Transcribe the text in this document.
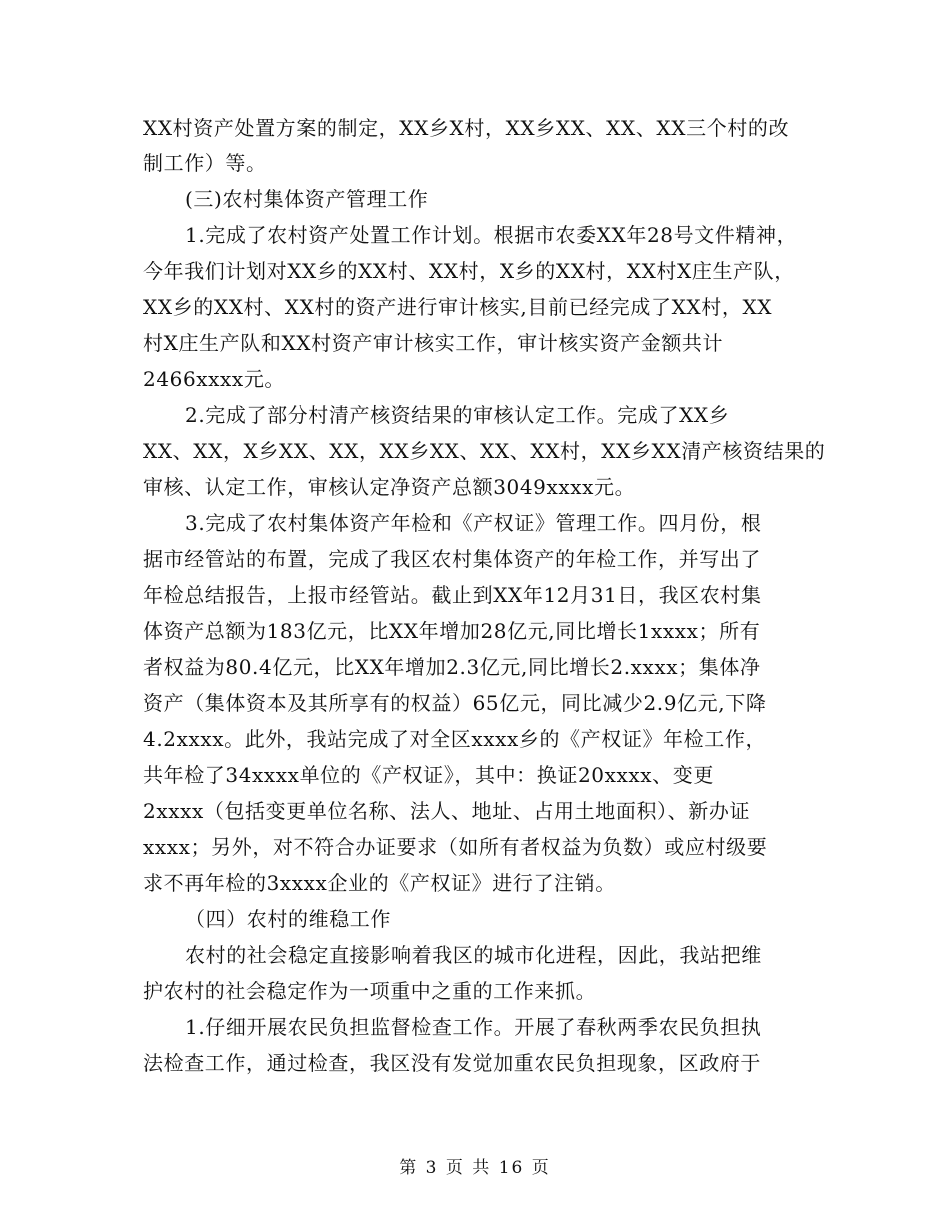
XX村资产处置方案的制定，XX乡X村，XX乡XX、XX、XX三个村的改
制工作）等。
(三)农村集体资产管理工作
1.完成了农村资产处置工作计划。根据市农委XX年28号文件精神，
今年我们计划对XX乡的XX村、XX村，X乡的XX村，XX村X庄生产队，
XX乡的XX村、XX村的资产进行审计核实,目前已经完成了XX村，XX
村X庄生产队和XX村资产审计核实工作，审计核实资产金额共计
2466xxxx元。
2.完成了部分村清产核资结果的审核认定工作。完成了XX乡
XX、XX，X乡XX、XX，XX乡XX、XX、XX村，XX乡XX清产核资结果的
审核、认定工作，审核认定净资产总额3049xxxx元。
3.完成了农村集体资产年检和《产权证》管理工作。四月份，根
据市经管站的布置，完成了我区农村集体资产的年检工作，并写出了
年检总结报告，上报市经管站。截止到XX年12月31日，我区农村集
体资产总额为183亿元，比XX年增加28亿元,同比增长1xxxx；所有
者权益为80.4亿元，比XX年增加2.3亿元,同比增长2.xxxx；集体净
资产（集体资本及其所享有的权益）65亿元，同比减少2.9亿元,下降
4.2xxxx。此外，我站完成了对全区xxxx乡的《产权证》年检工作，
共年检了34xxxx单位的《产权证》，其中：换证20xxxx、变更
2xxxx（包括变更单位名称、法人、地址、占用土地面积）、新办证
xxxx；另外，对不符合办证要求（如所有者权益为负数）或应村级要
求不再年检的3xxxx企业的《产权证》进行了注销。
（四）农村的维稳工作
农村的社会稳定直接影响着我区的城市化进程，因此，我站把维
护农村的社会稳定作为一项重中之重的工作来抓。
1.仔细开展农民负担监督检查工作。开展了春秋两季农民负担执
法检查工作，通过检查，我区没有发觉加重农民负担现象，区政府于
第 3 页 共 16 页
